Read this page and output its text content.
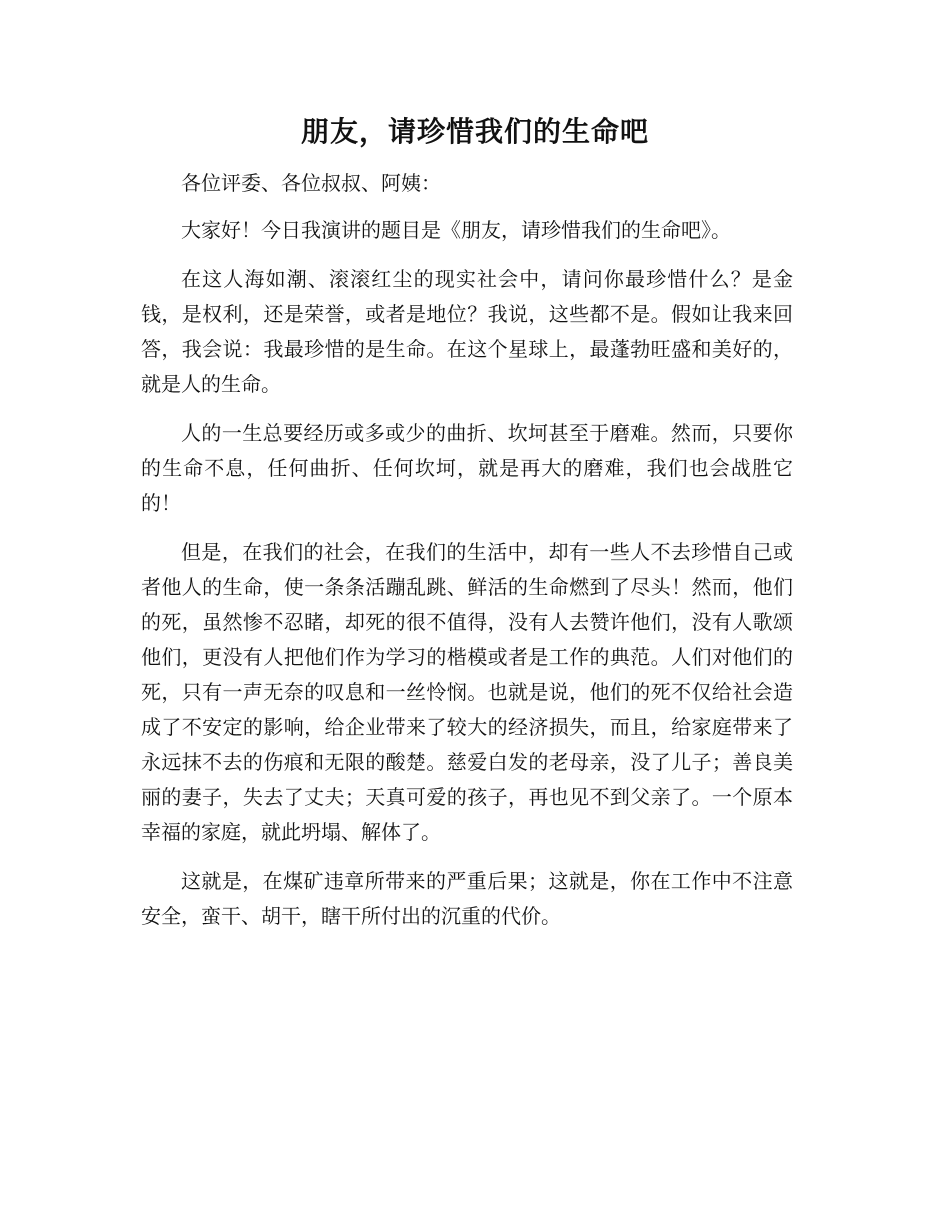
朋友，请珍惜我们的生命吧

各位评委、各位叔叔、阿姨：

大家好！今日我演讲的题目是《朋友，请珍惜我们的生命吧》。

在这人海如潮、滚滚红尘的现实社会中，请问你最珍惜什么？是金钱，是权利，还是荣誉，或者是地位？我说，这些都不是。假如让我来回答，我会说：我最珍惜的是生命。在这个星球上，最蓬勃旺盛和美好的，就是人的生命。

人的一生总要经历或多或少的曲折、坎坷甚至于磨难。然而，只要你的生命不息，任何曲折、任何坎坷，就是再大的磨难，我们也会战胜它的！

但是，在我们的社会，在我们的生活中，却有一些人不去珍惜自己或者他人的生命，使一条条活蹦乱跳、鲜活的生命燃到了尽头！然而，他们的死，虽然惨不忍睹，却死的很不值得，没有人去赞许他们，没有人歌颂他们，更没有人把他们作为学习的楷模或者是工作的典范。人们对他们的死，只有一声无奈的叹息和一丝怜悯。也就是说，他们的死不仅给社会造成了不安定的影响，给企业带来了较大的经济损失，而且，给家庭带来了永远抹不去的伤痕和无限的酸楚。慈爱白发的老母亲，没了儿子；善良美丽的妻子，失去了丈夫；天真可爱的孩子，再也见不到父亲了。一个原本幸福的家庭，就此坍塌、解体了。

这就是，在煤矿违章所带来的严重后果；这就是，你在工作中不注意安全，蛮干、胡干，瞎干所付出的沉重的代价。
